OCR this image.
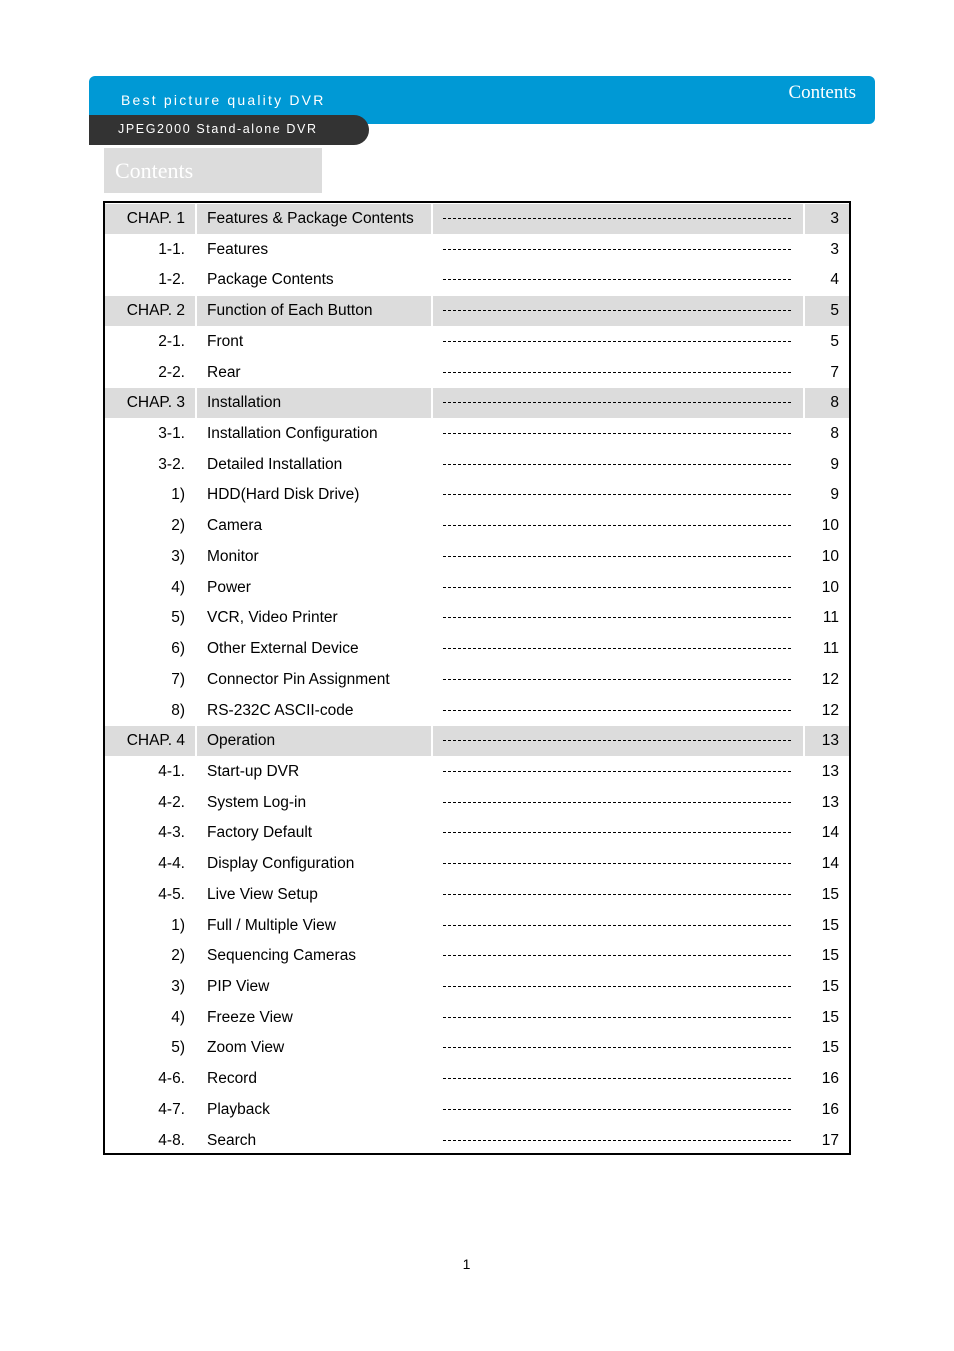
Best picture quality DVR	Contents
JPEG2000 Stand-alone DVR
Contents
CHAP. 1 Features & Package Contents	3
1-1. Features	3
1-2. Package Contents	4
CHAP. 2 Function of Each Button	5
2-1. Front	5
2-2. Rear	7
CHAP. 3 Installation	8
3-1. Installation Configuration	8
3-2. Detailed Installation	9
1) HDD(Hard Disk Drive)	9
2) Camera	10
3) Monitor	10
4) Power	10
5) VCR, Video Printer	11
6) Other External Device	11
7) Connector Pin Assignment	12
8) RS-232C ASCII-code	12
CHAP. 4 Operation	13
4-1. Start-up DVR	13
4-2. System Log-in	13
4-3. Factory Default	14
4-4. Display Configuration	14
4-5. Live View Setup	15
1) Full / Multiple View	15
2) Sequencing Cameras	15
3) PIP View	15
4) Freeze View	15
5) Zoom View	15
4-6. Record	16
4-7. Playback	16
4-8. Search	17
1
